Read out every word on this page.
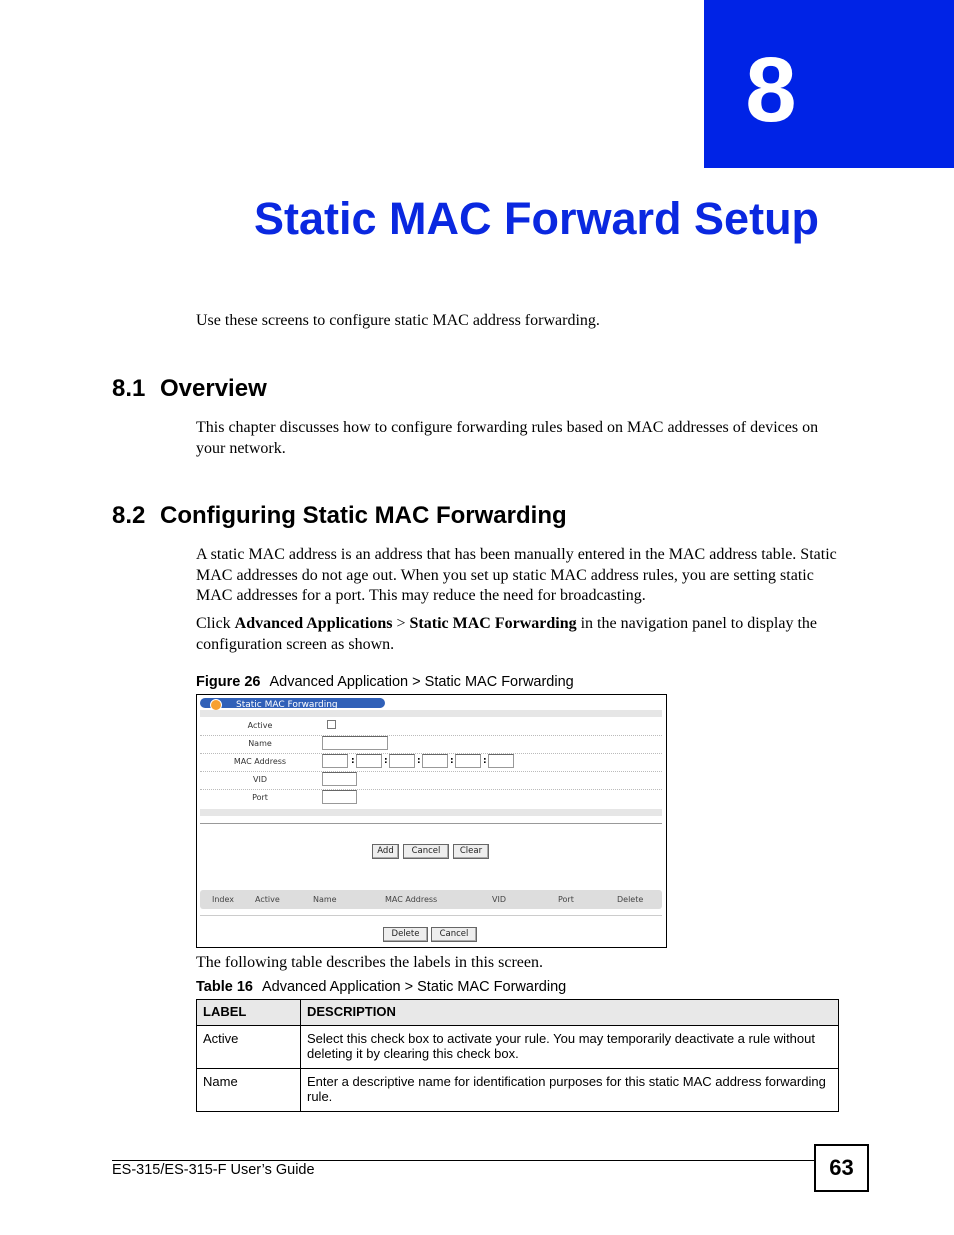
8
Static MAC Forward Setup
Use these screens to configure static MAC address forwarding.
8.1 Overview
This chapter discusses how to configure forwarding rules based on MAC addresses of devices on your network.
8.2 Configuring Static MAC Forwarding
A static MAC address is an address that has been manually entered in the MAC address table. Static MAC addresses do not age out. When you set up static MAC address rules, you are setting static MAC addresses for a port. This may reduce the need for broadcasting.
Click Advanced Applications > Static MAC Forwarding in the navigation panel to display the configuration screen as shown.
Figure 26 Advanced Application > Static MAC Forwarding
Static MAC Forwarding
Active
Name
MAC Address	:	:	:	:	:
VID
Port
Add	Cancel	Clear
Index	Active	Name	MAC Address	VID	Port	Delete
Delete	Cancel
The following table describes the labels in this screen.
Table 16 Advanced Application > Static MAC Forwarding
LABEL	DESCRIPTION
Active	Select this check box to activate your rule. You may temporarily deactivate a rule without deleting it by clearing this check box.
Name	Enter a descriptive name for identification purposes for this static MAC address forwarding rule.
ES-315/ES-315-F User’s Guide	63
